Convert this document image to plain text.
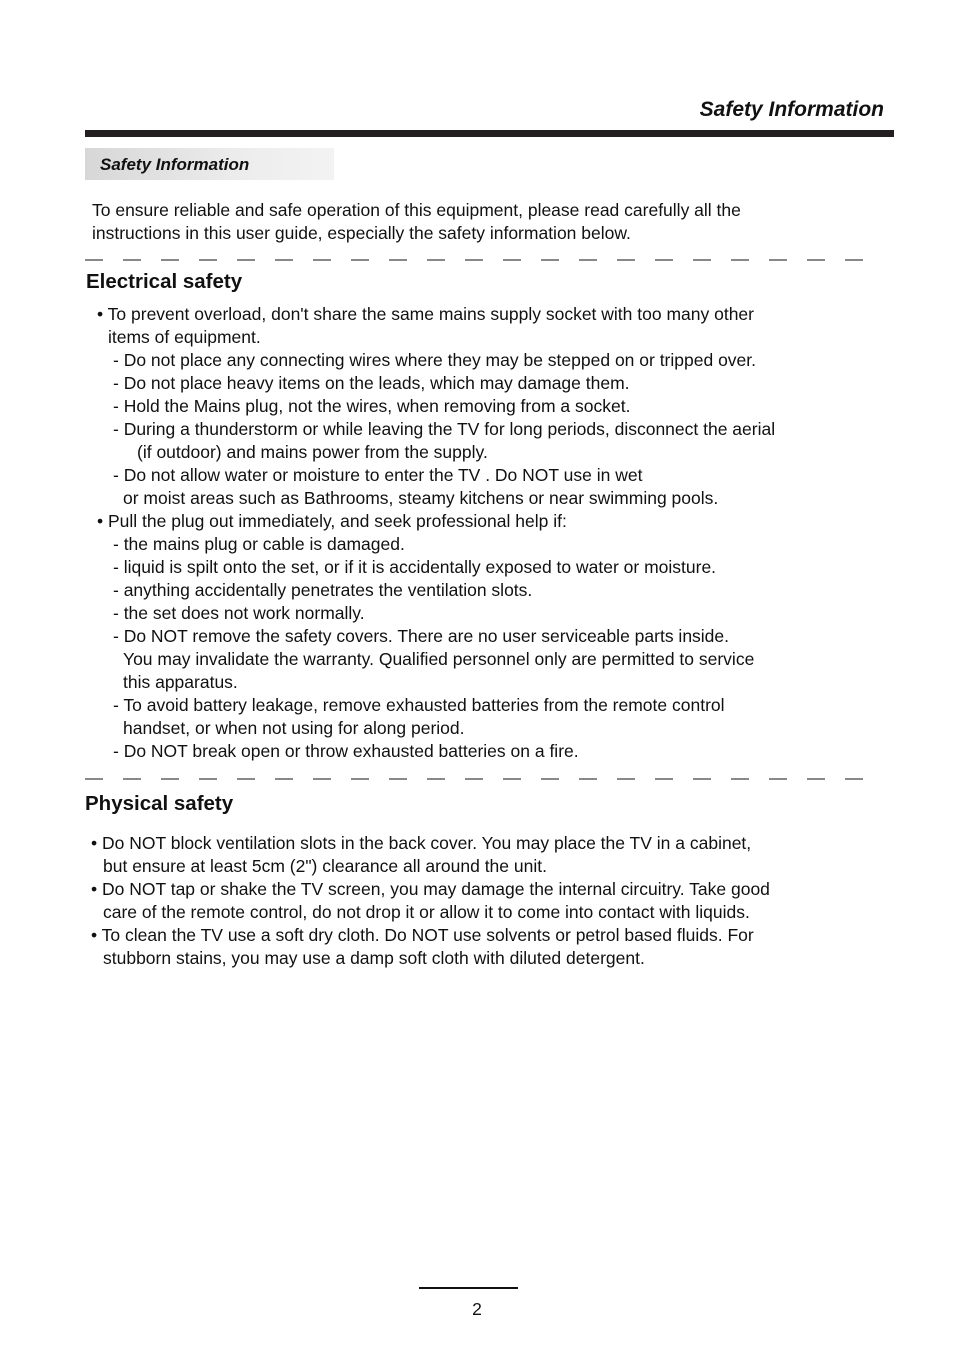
Safety Information
Safety Information
To ensure reliable and safe operation of this equipment, please read carefully all the
instructions in this user guide, especially the safety information below.
Electrical safety
• To prevent overload, don't share the same mains supply socket with too many other
items of equipment.
- Do not place any connecting wires where they may be stepped on or tripped over.
- Do not place heavy items on the leads, which may damage them.
- Hold the Mains plug, not the wires, when removing from a socket.
- During a thunderstorm or while leaving the TV for long periods, disconnect the aerial
(if outdoor) and mains power from the supply.
- Do not allow water or moisture to enter the TV . Do NOT use in wet
or moist areas such as Bathrooms, steamy kitchens or near swimming pools.
• Pull the plug out immediately, and seek professional help if:
- the mains plug or cable is damaged.
- liquid is spilt onto the set, or if it is accidentally exposed to water or moisture.
- anything accidentally penetrates the ventilation slots.
- the set does not work normally.
- Do NOT remove the safety covers. There are no user serviceable parts inside.
You may invalidate the warranty. Qualified personnel only are permitted to service
this apparatus.
- To avoid battery leakage, remove exhausted batteries from the remote control
handset, or when not using for along period.
- Do NOT break open or throw exhausted batteries on a fire.
Physical safety
• Do NOT block ventilation slots in the back cover. You may place the TV in a cabinet,
but ensure at least 5cm (2") clearance all around the unit.
• Do NOT tap or shake the TV screen, you may damage the internal circuitry. Take good
care of the remote control, do not drop it or allow it to come into contact with liquids.
• To clean the TV use a soft dry cloth. Do NOT use solvents or petrol based fluids. For
stubborn stains, you may use a damp soft cloth with diluted detergent.
2
